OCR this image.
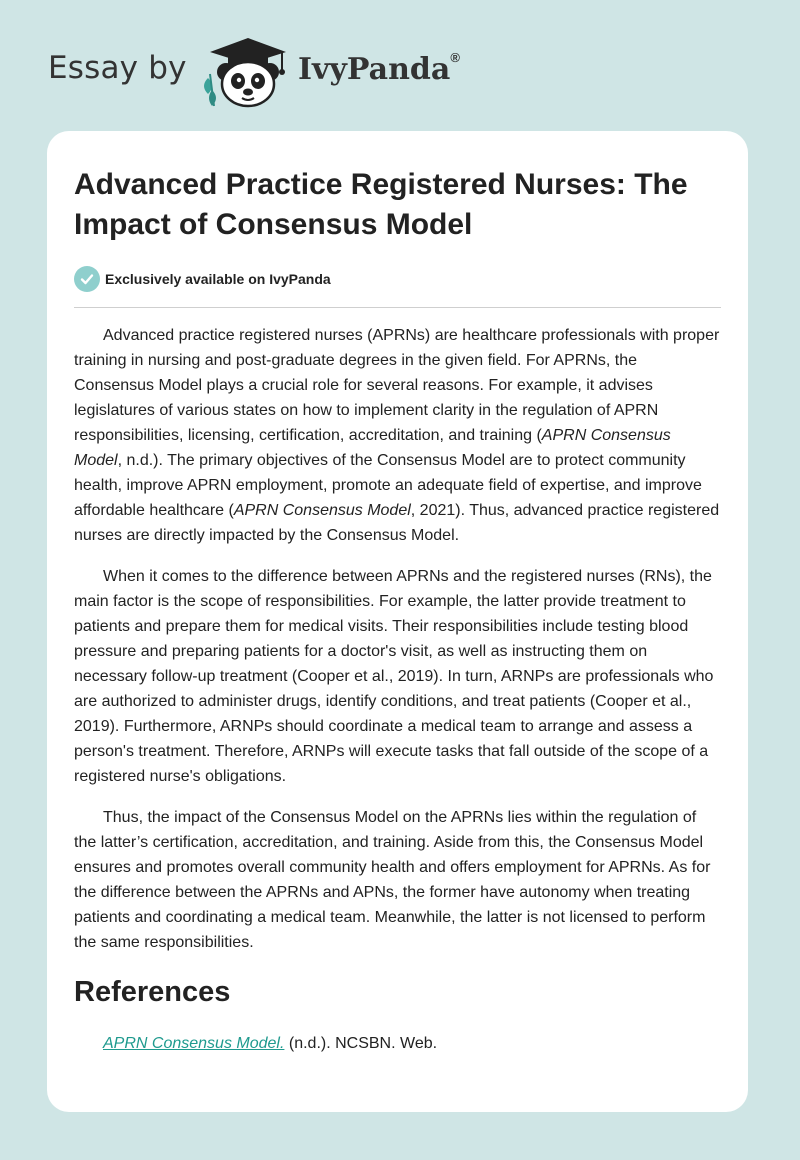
Essay by	IvyPanda®
Advanced Practice Registered Nurses: The Impact of Consensus Model
Exclusively available on IvyPanda

Advanced practice registered nurses (APRNs) are healthcare professionals with proper training in nursing and post-graduate degrees in the given field. For APRNs, the Consensus Model plays a crucial role for several reasons. For example, it advises legislatures of various states on how to implement clarity in the regulation of APRN responsibilities, licensing, certification, accreditation, and training (APRN Consensus Model, n.d.). The primary objectives of the Consensus Model are to protect community health, improve APRN employment, promote an adequate field of expertise, and improve affordable healthcare (APRN Consensus Model, 2021). Thus, advanced practice registered nurses are directly impacted by the Consensus Model.

When it comes to the difference between APRNs and the registered nurses (RNs), the main factor is the scope of responsibilities. For example, the latter provide treatment to patients and prepare them for medical visits. Their responsibilities include testing blood pressure and preparing patients for a doctor's visit, as well as instructing them on necessary follow-up treatment (Cooper et al., 2019). In turn, ARNPs are professionals who are authorized to administer drugs, identify conditions, and treat patients (Cooper et al., 2019). Furthermore, ARNPs should coordinate a medical team to arrange and assess a person's treatment. Therefore, ARNPs will execute tasks that fall outside of the scope of a registered nurse's obligations.

Thus, the impact of the Consensus Model on the APRNs lies within the regulation of the latter’s certification, accreditation, and training. Aside from this, the Consensus Model ensures and promotes overall community health and offers employment for APRNs. As for the difference between the APRNs and APNs, the former have autonomy when treating patients and coordinating a medical team. Meanwhile, the latter is not licensed to perform the same responsibilities.

References
APRN Consensus Model. (n.d.). NCSBN. Web.
